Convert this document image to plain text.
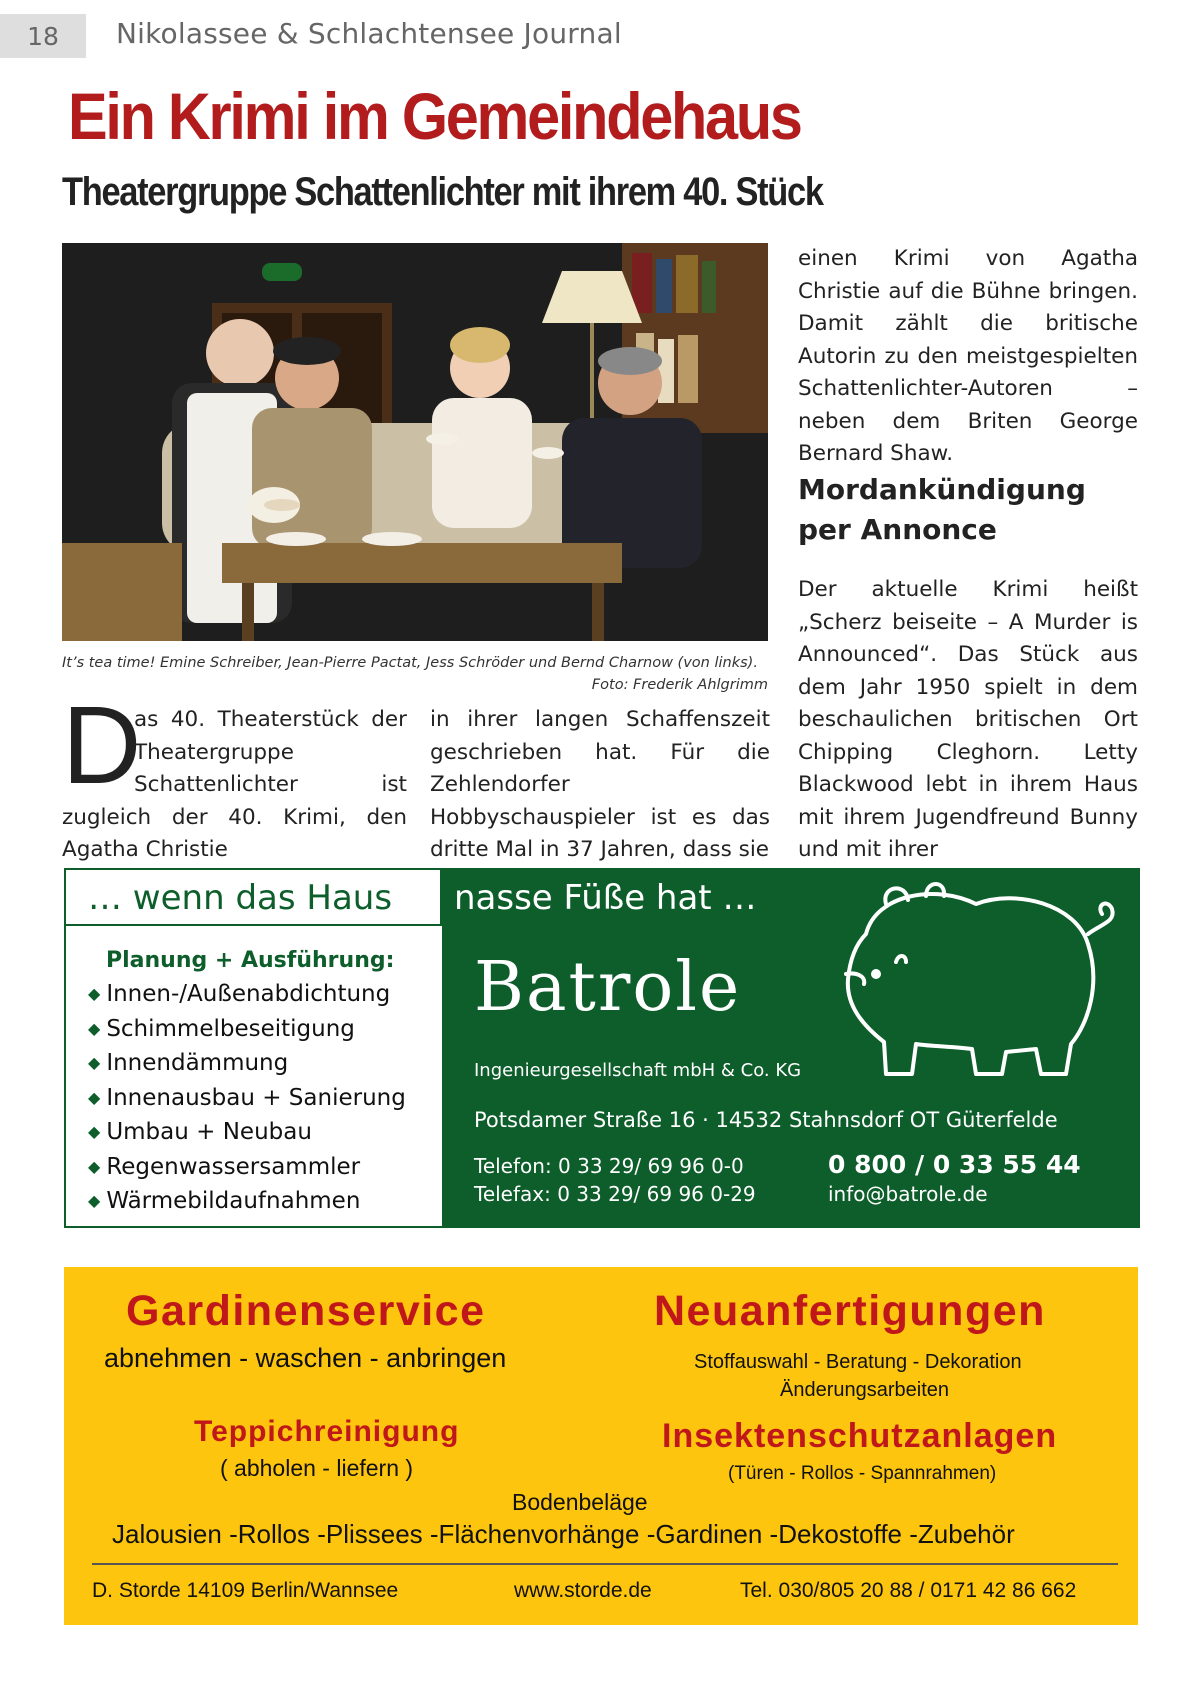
18	Nikolassee & Schlachtensee Journal
Ein Krimi im Gemeindehaus
Theatergruppe Schattenlichter mit ihrem 40. Stück
It’s tea time! Emine Schreiber, Jean-Pierre Pactat, Jess Schröder und Bernd Charnow (von links).
Foto: Frederik Ahlgrimm
einen Krimi von Agatha Christie auf die Bühne bringen. Damit zählt die britische Autorin zu den meistgespielten Schattenlichter-Autoren – neben dem Briten George Bernard Shaw.
Mordankündigung per Annonce
Der aktuelle Krimi heißt „Scherz beiseite – A Murder is Announced“. Das Stück aus dem Jahr 1950 spielt in dem beschaulichen britischen Ort Chipping Cleghorn. Letty Blackwood lebt in ihrem Haus mit ihrem Jugendfreund Bunny und mit ihrer
D
as 40. Theaterstück der Theatergruppe Schattenlichter ist zugleich der 40. Krimi, den Agatha Christie
in ihrer langen Schaffenszeit geschrieben hat. Für die Zehlendorfer Hobbyschauspieler ist es das dritte Mal in 37 Jahren, dass sie
… wenn das Haus nasse Füße hat …
Planung + Ausführung:
◆ Innen-/Außenabdichtung
◆ Schimmelbeseitigung
◆ Innendämmung
◆ Innenausbau + Sanierung
◆ Umbau + Neubau
◆ Regenwassersammler
◆ Wärmebildaufnahmen
Batrole
Ingenieurgesellschaft mbH & Co. KG
Potsdamer Straße 16 · 14532 Stahnsdorf OT Güterfelde
Telefon: 0 33 29/ 69 96 0-0
Telefax: 0 33 29/ 69 96 0-29
0 800 / 0 33 55 44
info@batrole.de
Gardinenservice
abnehmen - waschen - anbringen
Neuanfertigungen
Stoffauswahl - Beratung - Dekoration
Änderungsarbeiten
Teppichreinigung
( abholen - liefern )
Insektenschutzanlagen
(Türen - Rollos - Spannrahmen)
Bodenbeläge
Jalousien -Rollos -Plissees -Flächenvorhänge -Gardinen -Dekostoffe -Zubehör
D. Storde 14109 Berlin/Wannsee	www.storde.de	Tel. 030/805 20 88 / 0171 42 86 662
